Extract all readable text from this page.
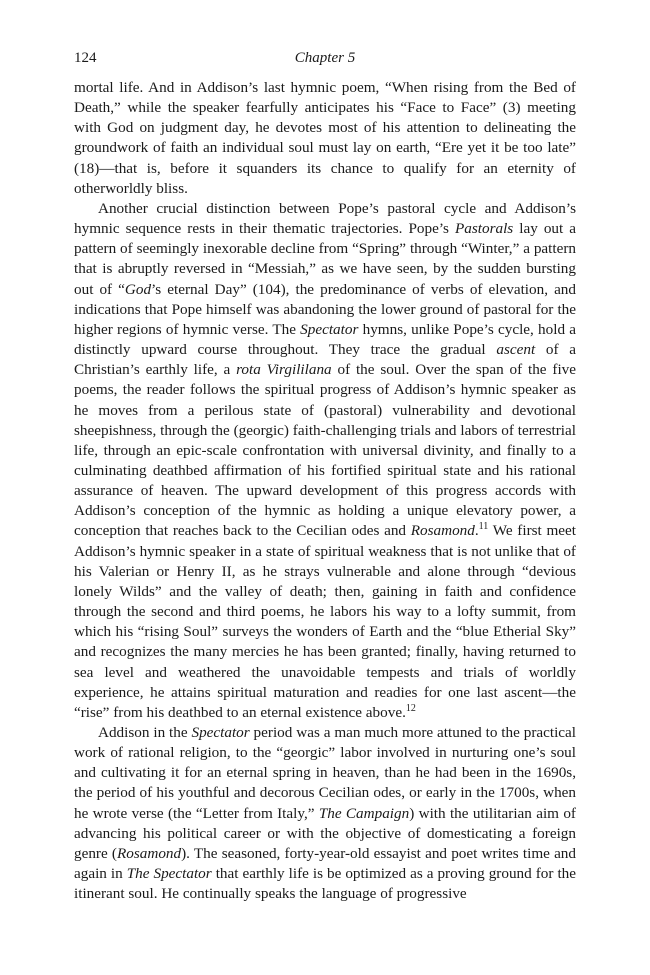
124	Chapter 5

mortal life. And in Addison’s last hymnic poem, “When rising from the Bed of Death,” while the speaker fearfully anticipates his “Face to Face” (3) meeting with God on judgment day, he devotes most of his attention to delineating the groundwork of faith an individual soul must lay on earth, “Ere yet it be too late” (18)—that is, before it squanders its chance to qualify for an eternity of otherworldly bliss.

Another crucial distinction between Pope’s pastoral cycle and Addison’s hymnic sequence rests in their thematic trajectories. Pope’s Pastorals lay out a pattern of seemingly inexorable decline from “Spring” through “Winter,” a pattern that is abruptly reversed in “Messiah,” as we have seen, by the sudden bursting out of “God’s eternal Day” (104), the predominance of verbs of elevation, and indications that Pope himself was abandoning the lower ground of pastoral for the higher regions of hymnic verse. The Spectator hymns, unlike Pope’s cycle, hold a distinctly upward course throughout. They trace the gradual ascent of a Christian’s earthly life, a rota Virgililana of the soul. Over the span of the five poems, the reader follows the spiritual progress of Addison’s hymnic speaker as he moves from a perilous state of (pastoral) vulnerability and devotional sheepishness, through the (georgic) faith-challenging trials and labors of terrestrial life, through an epic-scale confrontation with universal divinity, and finally to a culminating deathbed affirmation of his fortified spiritual state and his rational assurance of heaven. The upward development of this progress accords with Addison’s conception of the hymnic as holding a unique elevatory power, a conception that reaches back to the Cecilian odes and Rosamond.$^{11}$ We first meet Addison’s hymnic speaker in a state of spiritual weakness that is not unlike that of his Valerian or Henry II, as he strays vulnerable and alone through “devious lonely Wilds” and the valley of death; then, gaining in faith and confidence through the second and third poems, he labors his way to a lofty summit, from which his “rising Soul” surveys the wonders of Earth and the “blue Etherial Sky” and recognizes the many mercies he has been granted; finally, having returned to sea level and weathered the unavoidable tempests and trials of worldly experience, he attains spiritual maturation and readies for one last ascent—the “rise” from his deathbed to an eternal existence above.$^{12}$

Addison in the Spectator period was a man much more attuned to the practical work of rational religion, to the “georgic” labor involved in nurturing one’s soul and cultivating it for an eternal spring in heaven, than he had been in the 1690s, the period of his youthful and decorous Cecilian odes, or early in the 1700s, when he wrote verse (the “Letter from Italy,” The Campaign) with the utilitarian aim of advancing his political career or with the objective of domesticating a foreign genre (Rosamond). The seasoned, forty-year-old essayist and poet writes time and again in The Spectator that earthly life is be optimized as a proving ground for the itinerant soul. He continually speaks the language of progressive
